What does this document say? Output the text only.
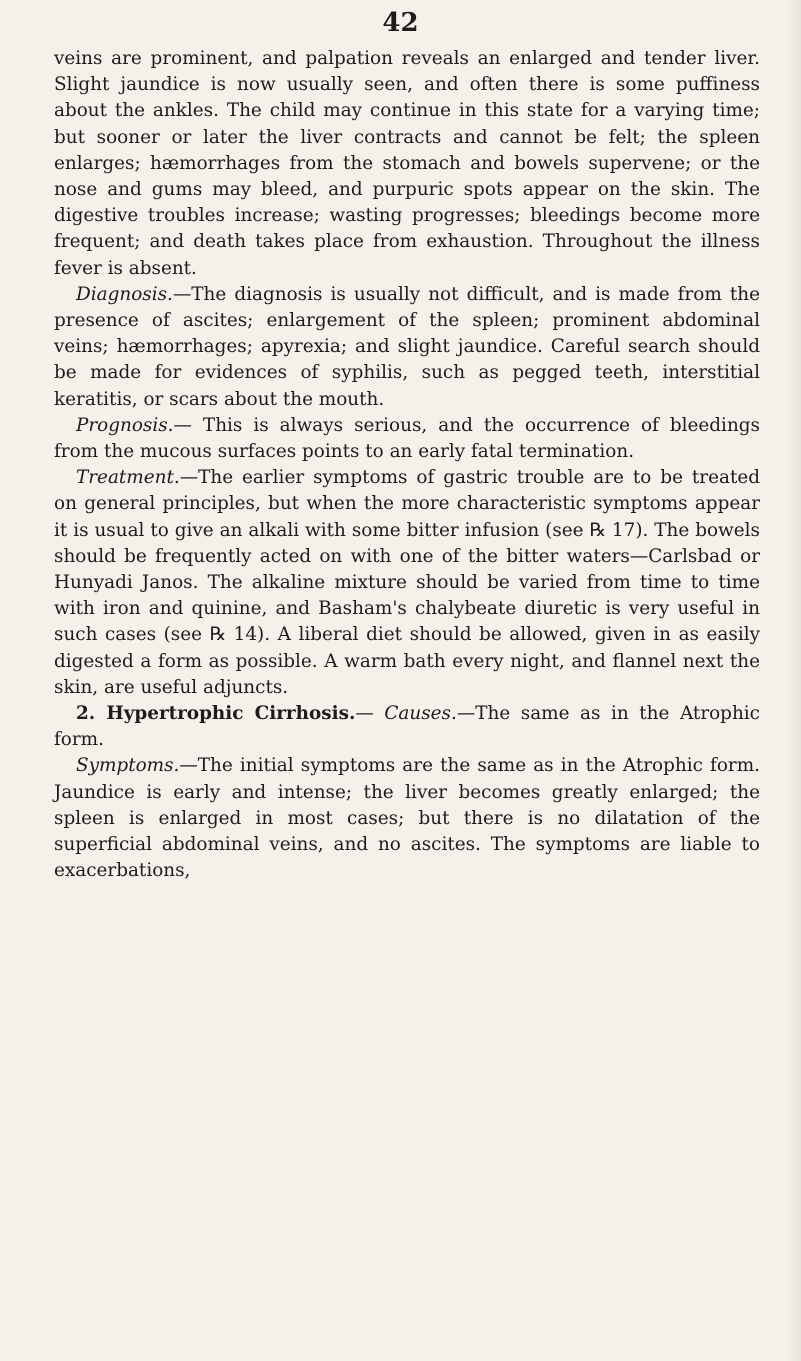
42

veins are prominent, and palpation reveals an enlarged and tender liver. Slight jaundice is now usually seen, and often there is some puffiness about the ankles. The child may continue in this state for a varying time; but sooner or later the liver contracts and cannot be felt; the spleen enlarges; hæmorrhages from the stomach and bowels supervene; or the nose and gums may bleed, and purpuric spots appear on the skin. The digestive troubles increase; wasting progresses; bleedings become more frequent; and death takes place from exhaustion. Throughout the illness fever is absent.

Diagnosis.—The diagnosis is usually not difficult, and is made from the presence of ascites; enlargement of the spleen; prominent abdominal veins; hæmorrhages; apyrexia; and slight jaundice. Careful search should be made for evidences of syphilis, such as pegged teeth, interstitial keratitis, or scars about the mouth.

Prognosis.— This is always serious, and the occurrence of bleedings from the mucous surfaces points to an early fatal termination.

Treatment.—The earlier symptoms of gastric trouble are to be treated on general principles, but when the more characteristic symptoms appear it is usual to give an alkali with some bitter infusion (see ℞ 17). The bowels should be frequently acted on with one of the bitter waters—Carlsbad or Hunyadi Janos. The alkaline mixture should be varied from time to time with iron and quinine, and Basham's chalybeate diuretic is very useful in such cases (see ℞ 14). A liberal diet should be allowed, given in as easily digested a form as possible. A warm bath every night, and flannel next the skin, are useful adjuncts.

2. Hypertrophic Cirrhosis.— Causes.—The same as in the Atrophic form.

Symptoms.—The initial symptoms are the same as in the Atrophic form. Jaundice is early and intense; the liver becomes greatly enlarged; the spleen is enlarged in most cases; but there is no dilatation of the superficial abdominal veins, and no ascites. The symptoms are liable to exacerbations,
